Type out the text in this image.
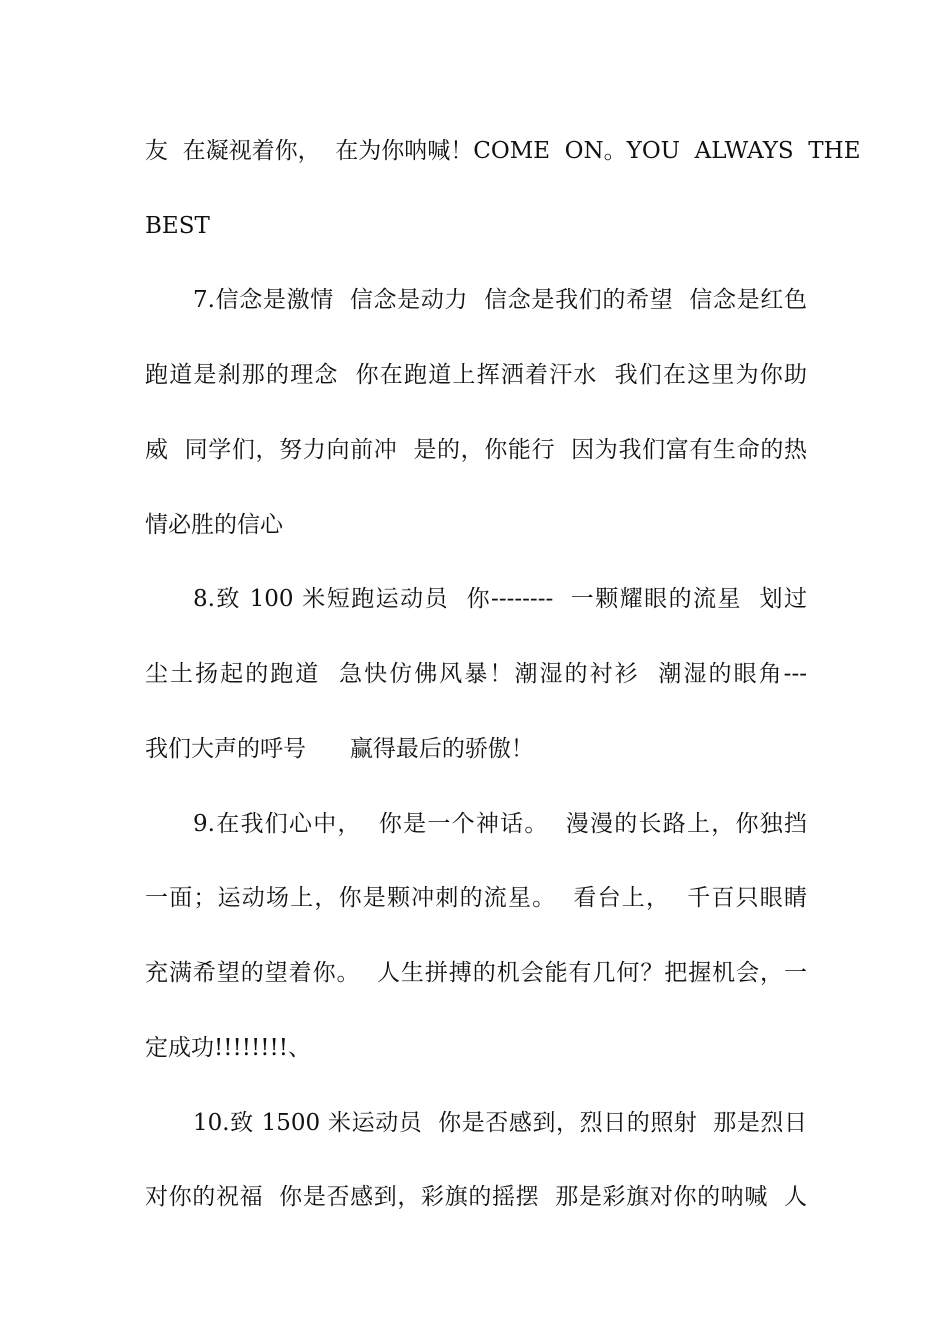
友  在凝视着你，  在为你呐喊！COME  ON。YOU  ALWAYS  THE
BEST
7.信念是激情  信念是动力  信念是我们的希望  信念是红色
跑道是刹那的理念  你在跑道上挥洒着汗水  我们在这里为你助
威  同学们，努力向前冲  是的，你能行  因为我们富有生命的热
情必胜的信心
8.致 100 米短跑运动员  你--------  一颗耀眼的流星  划过
尘土扬起的跑道  急快仿佛风暴！潮湿的衬衫  潮湿的眼角---
我们大声的呼号      赢得最后的骄傲！
9.在我们心中，  你是一个神话。  漫漫的长路上，你独挡
一面；运动场上，你是颗冲刺的流星。  看台上，  千百只眼睛
充满希望的望着你。  人生拼搏的机会能有几何？把握机会，一
定成功!!!!!!!!、
10.致 1500 米运动员  你是否感到，烈日的照射  那是烈日
对你的祝福  你是否感到，彩旗的摇摆  那是彩旗对你的呐喊  人
